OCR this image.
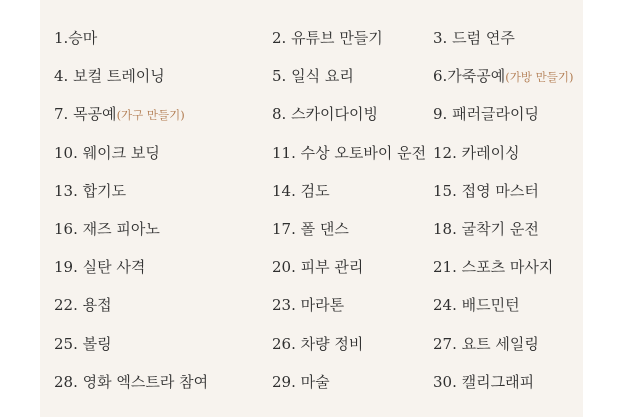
1.승마	2. 유튜브 만들기	3. 드럼 연주
4. 보컬 트레이닝	5. 일식 요리	6.가죽공예(가방 만들기)
7. 목공예(가구 만들기)	8. 스카이다이빙	9. 패러글라이딩
10. 웨이크 보딩	11. 수상 오토바이 운전 12. 카레이싱
13. 합기도	14. 검도	15. 접영 마스터
16. 재즈 피아노	17. 폴 댄스	18. 굴착기 운전
19. 실탄 사격	20. 피부 관리	21. 스포츠 마사지
22. 용접	23. 마라톤	24. 배드민턴
25. 볼링	26. 차량 정비	27. 요트 세일링
28. 영화 엑스트라 참여	29. 마술	30. 캘리그래피
